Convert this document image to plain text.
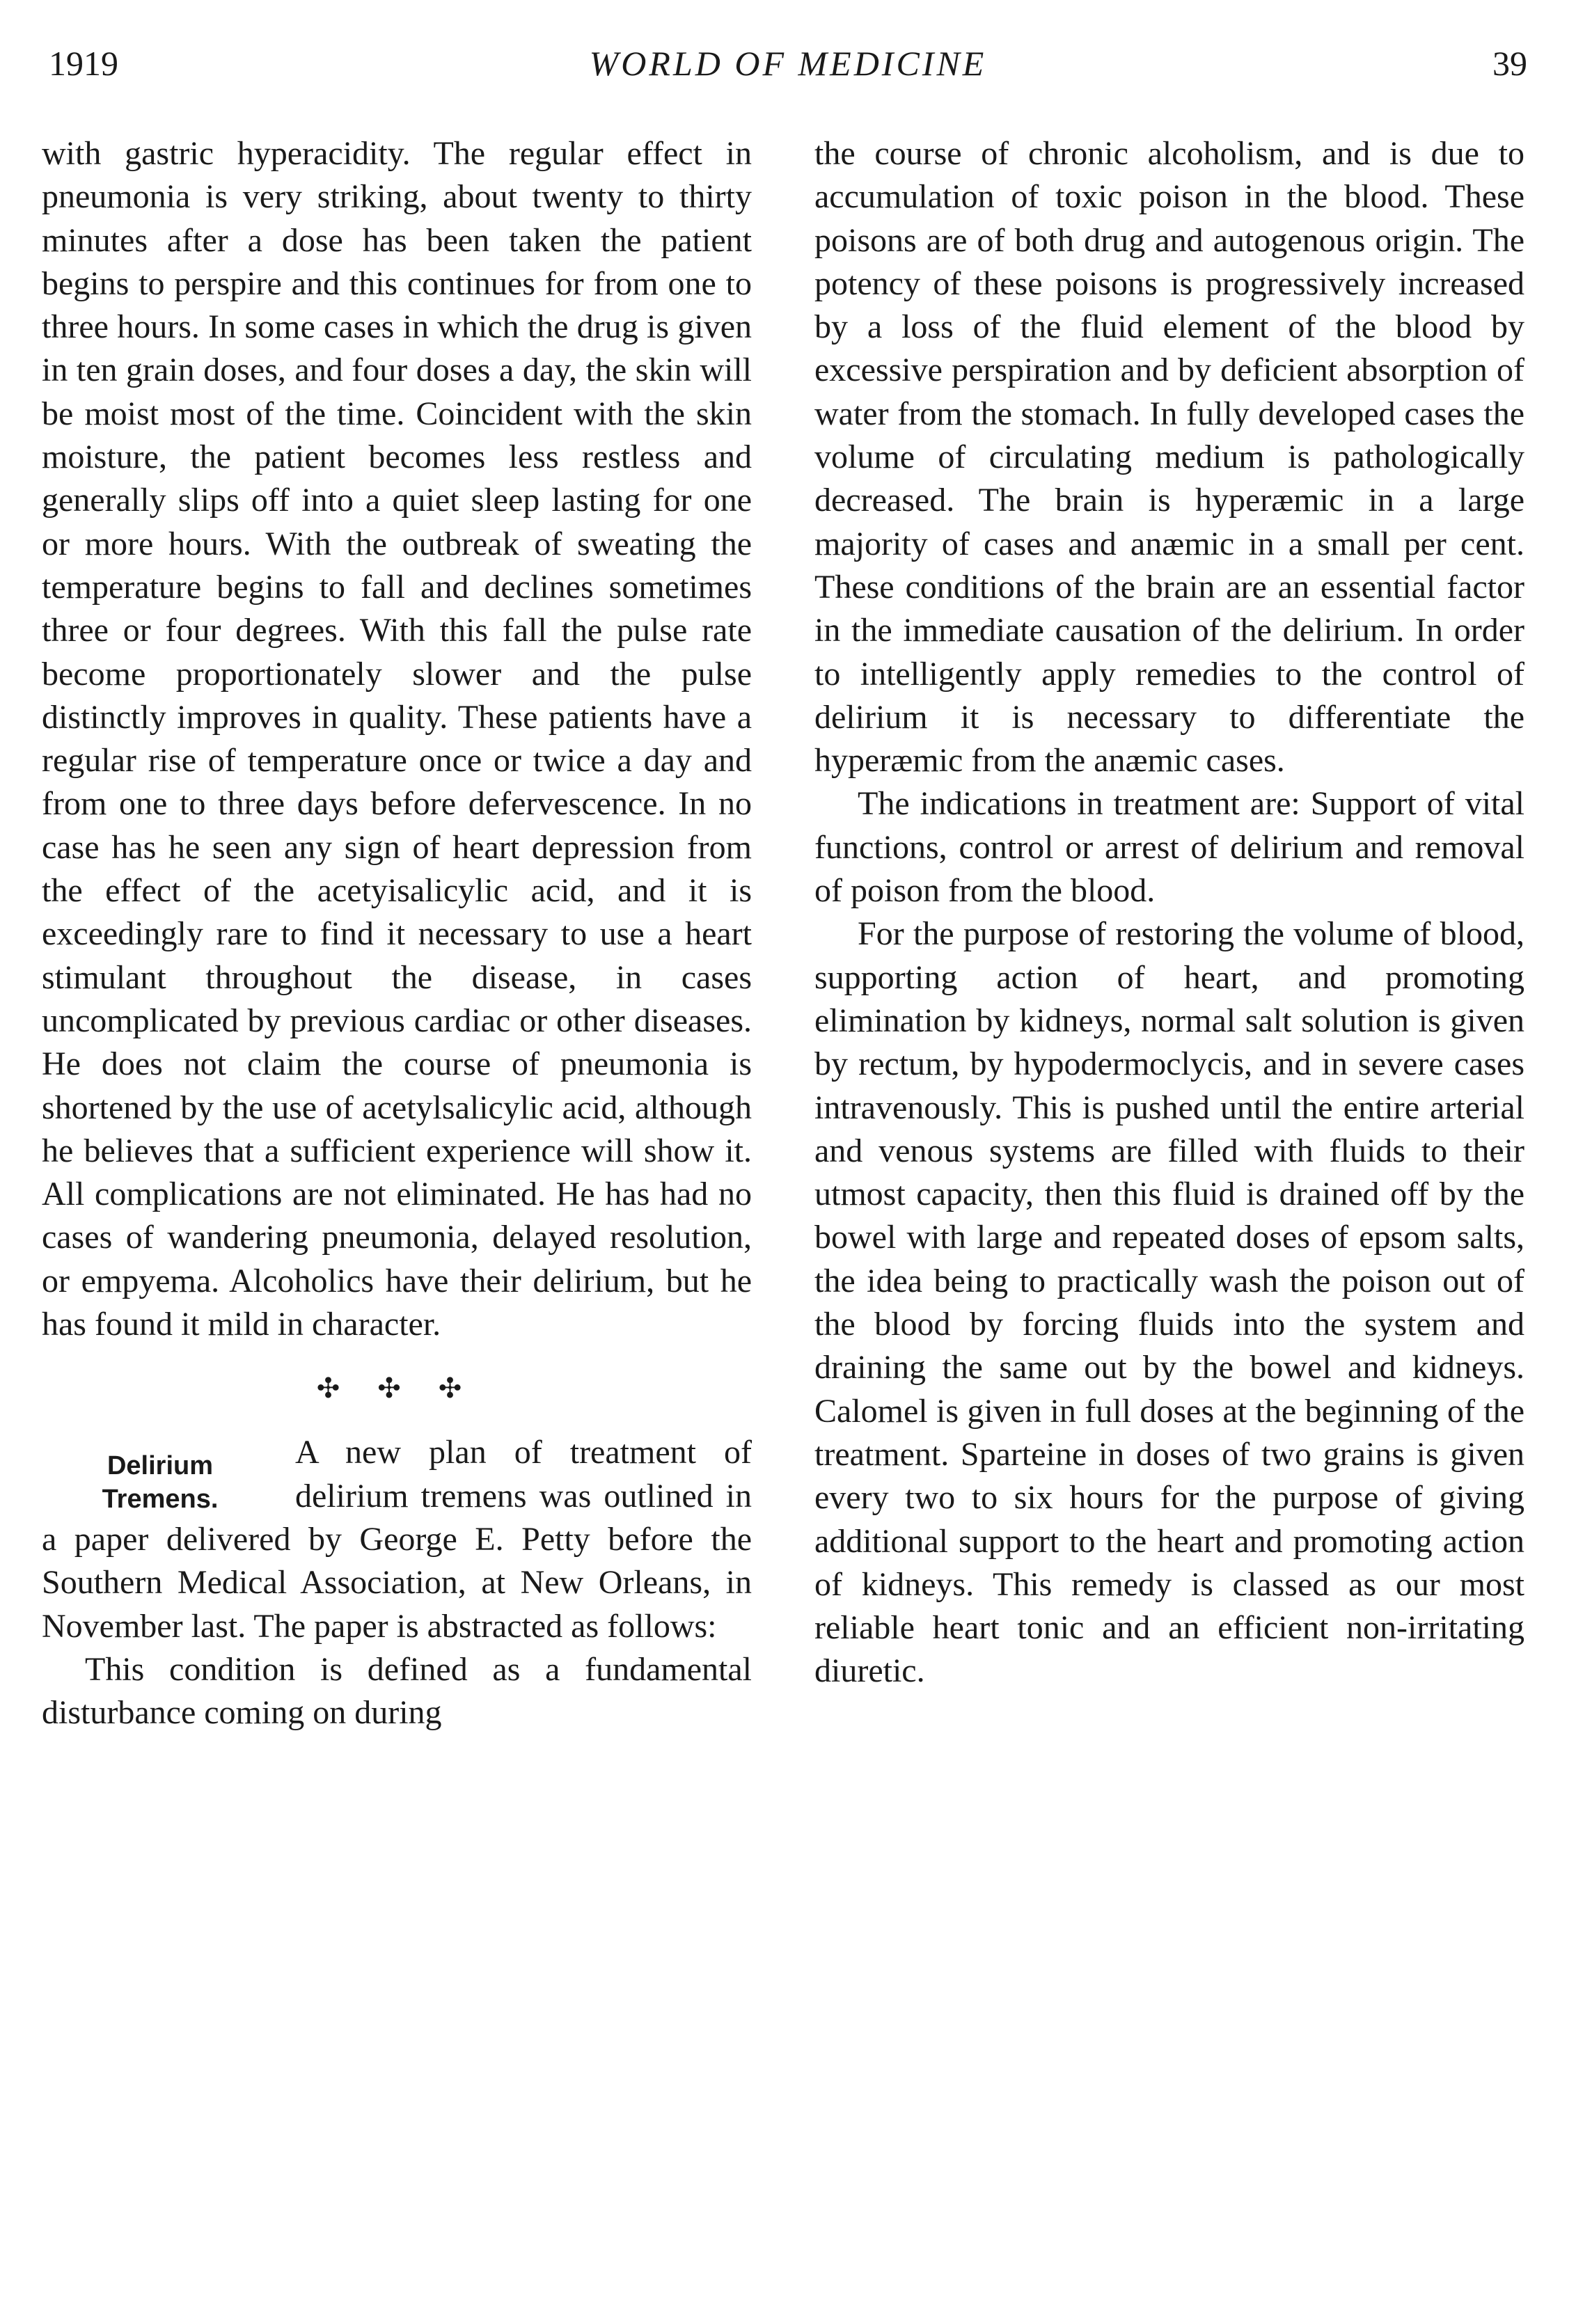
1919	WORLD OF MEDICINE	39

with gastric hyperacidity. The regular effect in pneumonia is very striking, about twenty to thirty minutes after a dose has been taken the patient begins to perspire and this continues for from one to three hours. In some cases in which the drug is given in ten grain doses, and four doses a day, the skin will be moist most of the time. Coincident with the skin moisture, the patient becomes less restless and generally slips off into a quiet sleep lasting for one or more hours. With the outbreak of sweating the temperature begins to fall and declines sometimes three or four degrees. With this fall the pulse rate become proportionately slower and the pulse distinctly improves in quality. These patients have a regular rise of temperature once or twice a day and from one to three days before defervescence. In no case has he seen any sign of heart depression from the effect of the acetyisalicylic acid, and it is exceedingly rare to find it necessary to use a heart stimulant throughout the disease, in cases uncomplicated by previous cardiac or other diseases. He does not claim the course of pneumonia is shortened by the use of acetylsalicylic acid, although he believes that a sufficient experience will show it. All complications are not eliminated. He has had no cases of wandering pneumonia, delayed resolution, or empyema. Alcoholics have their delirium, but he has found it mild in character.

✣ ✣ ✣
Delirium
Tremens.

A new plan of treatment of delirium tremens was outlined in a paper delivered by George E. Petty before the Southern Medical Association, at New Orleans, in November last. The paper is abstracted as follows:

This condition is defined as a fundamental disturbance coming on during

the course of chronic alcoholism, and is due to accumulation of toxic poison in the blood. These poisons are of both drug and autogenous origin. The potency of these poisons is progressively increased by a loss of the fluid element of the blood by excessive perspiration and by deficient absorption of water from the stomach. In fully developed cases the volume of circulating medium is pathologically decreased. The brain is hyperæmic in a large majority of cases and anæmic in a small per cent. These conditions of the brain are an essential factor in the immediate causation of the delirium. In order to intelligently apply remedies to the control of delirium it is necessary to differentiate the hyperæmic from the anæmic cases.

The indications in treatment are: Support of vital functions, control or arrest of delirium and removal of poison from the blood.

For the purpose of restoring the volume of blood, supporting action of heart, and promoting elimination by kidneys, normal salt solution is given by rectum, by hypodermoclycis, and in severe cases intravenously. This is pushed until the entire arterial and venous systems are filled with fluids to their utmost capacity, then this fluid is drained off by the bowel with large and repeated doses of epsom salts, the idea being to practically wash the poison out of the blood by forcing fluids into the system and draining the same out by the bowel and kidneys. Calomel is given in full doses at the beginning of the treatment. Sparteine in doses of two grains is given every two to six hours for the purpose of giving additional support to the heart and promoting action of kidneys. This remedy is classed as our most reliable heart tonic and an efficient non-irritating diuretic.
